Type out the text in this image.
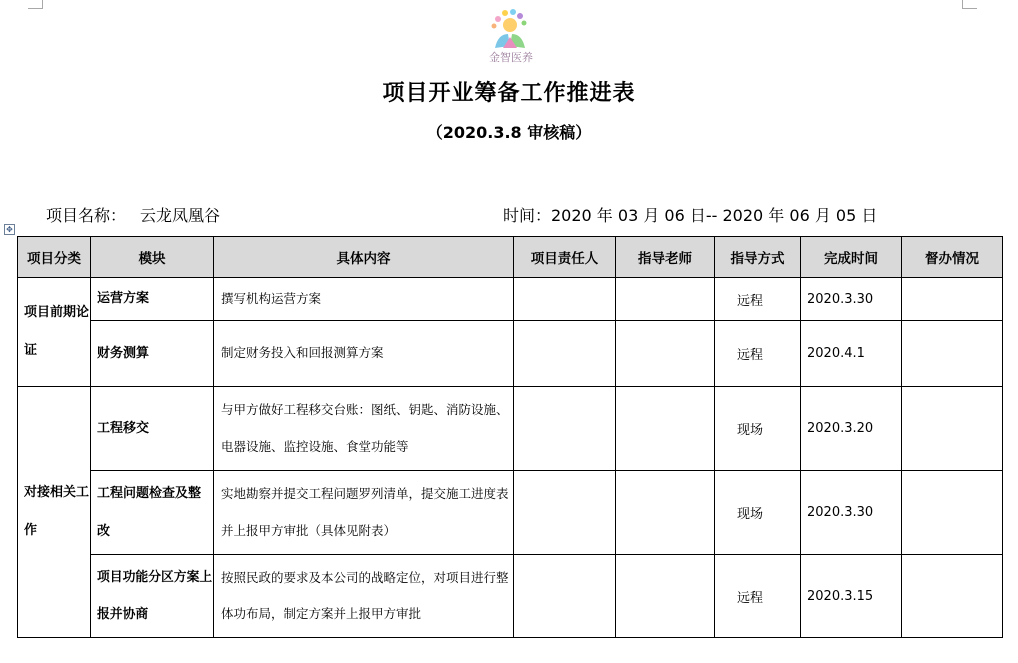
金智医养
项目开业筹备工作推进表
（2020.3.8 审核稿）
项目名称： 云龙凤凰谷	时间：2020 年 03 月 06 日-- 2020 年 06 月 05 日
✥
项目分类	模块	具体内容	项目责任人	指导老师	指导方式	完成时间	督办情况
项目前期论证	运营方案	撰写机构运营方案			远程	2020.3.30	
	财务测算	制定财务投入和回报测算方案			远程	2020.4.1	
对接相关工作	工程移交	与甲方做好工程移交台账：图纸、钥匙、消防设施、电器设施、监控设施、食堂功能等			现场	2020.3.20	
	工程问题检查及整改	实地勘察并提交工程问题罗列清单，提交施工进度表并上报甲方审批（具体见附表）			现场	2020.3.30	
	项目功能分区方案上报并协商	按照民政的要求及本公司的战略定位，对项目进行整体功布局，制定方案并上报甲方审批			远程	2020.3.15	
